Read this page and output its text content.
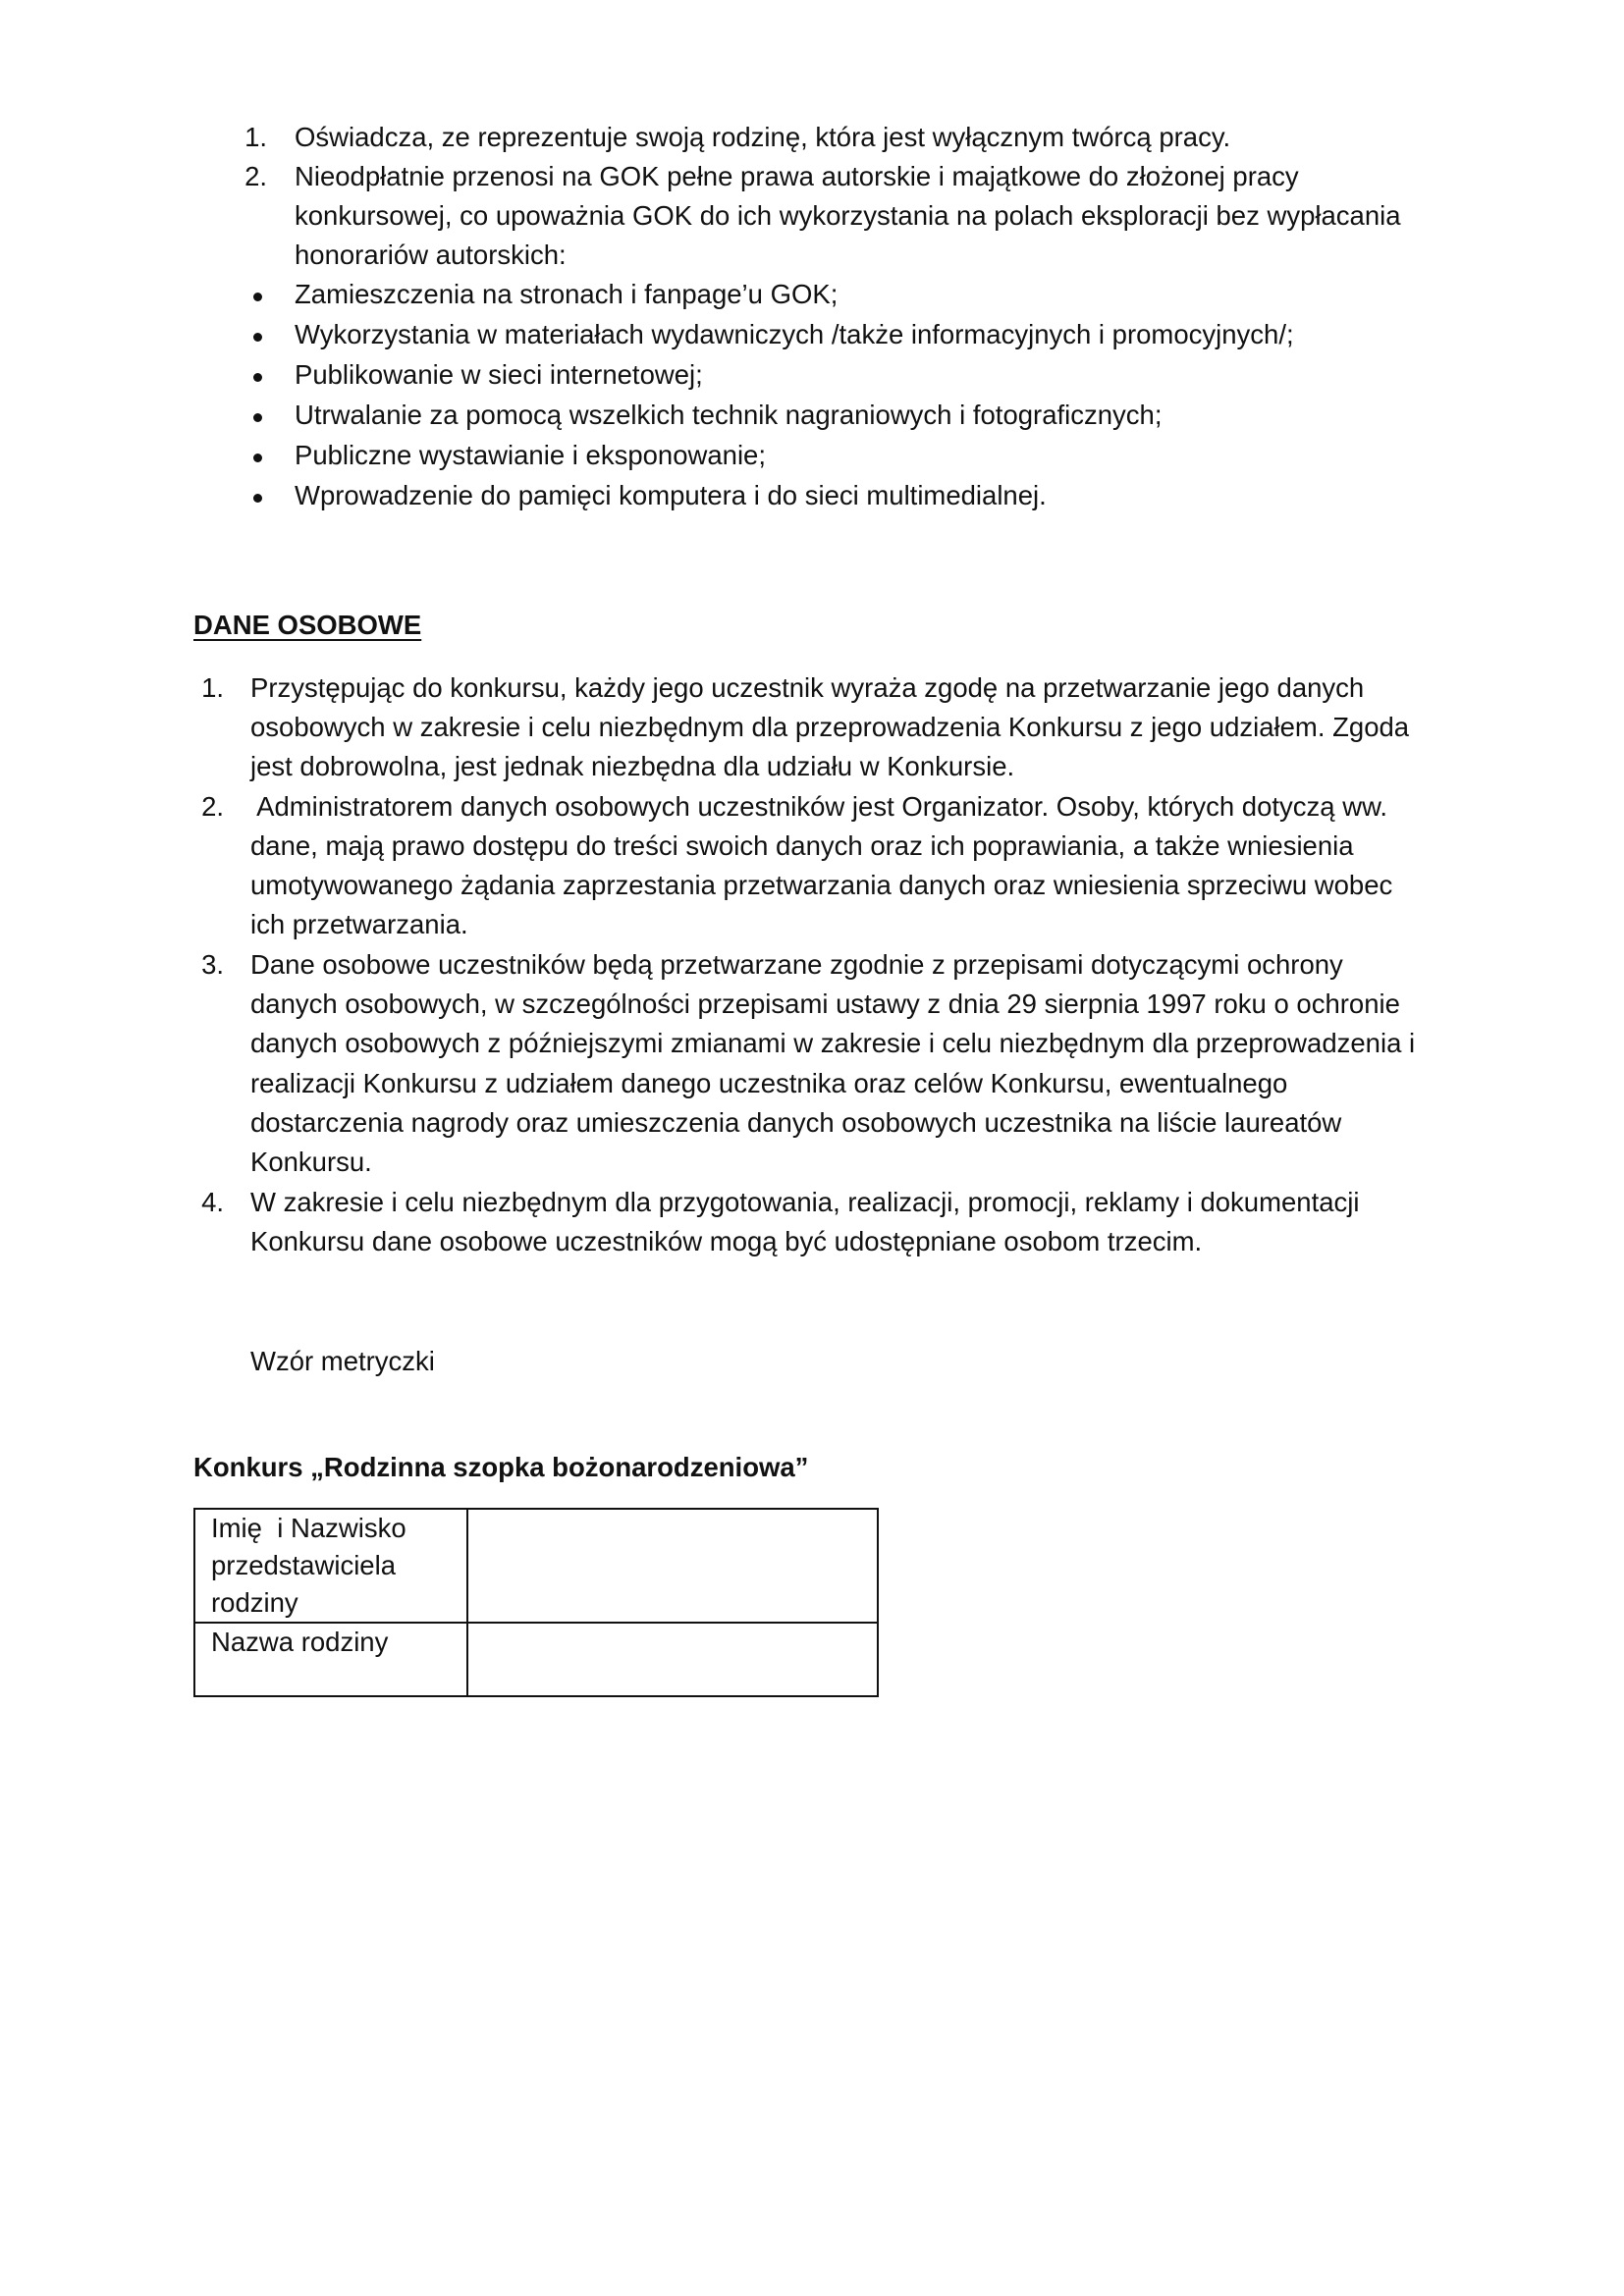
1. Oświadcza, ze reprezentuje swoją rodzinę, która jest wyłącznym twórcą pracy.
2. Nieodpłatnie przenosi na GOK pełne prawa autorskie i majątkowe do złożonej pracy
konkursowej, co upoważnia GOK do ich wykorzystania na polach eksploracji bez wypłacania
honorariów autorskich:
Zamieszczenia na stronach i fanpage’u GOK;
Wykorzystania w materiałach wydawniczych /także informacyjnych i promocyjnych/;
Publikowanie w sieci internetowej;
Utrwalanie za pomocą wszelkich technik nagraniowych i fotograficznych;
Publiczne wystawianie i eksponowanie;
Wprowadzenie do pamięci komputera i do sieci multimedialnej.
DANE OSOBOWE
1. Przystępując do konkursu, każdy jego uczestnik wyraża zgodę na przetwarzanie jego danych
osobowych w zakresie i celu niezbędnym dla przeprowadzenia Konkursu z jego udziałem. Zgoda
jest dobrowolna, jest jednak niezbędna dla udziału w Konkursie.
2. Administratorem danych osobowych uczestników jest Organizator. Osoby, których dotyczą ww.
dane, mają prawo dostępu do treści swoich danych oraz ich poprawiania, a także wniesienia
umotywowanego żądania zaprzestania przetwarzania danych oraz wniesienia sprzeciwu wobec
ich przetwarzania.
3. Dane osobowe uczestników będą przetwarzane zgodnie z przepisami dotyczącymi ochrony
danych osobowych, w szczególności przepisami ustawy z dnia 29 sierpnia 1997 roku o ochronie
danych osobowych z późniejszymi zmianami w zakresie i celu niezbędnym dla przeprowadzenia i
realizacji Konkursu z udziałem danego uczestnika oraz celów Konkursu, ewentualnego
dostarczenia nagrody oraz umieszczenia danych osobowych uczestnika na liście laureatów
Konkursu.
4. W zakresie i celu niezbędnym dla przygotowania, realizacji, promocji, reklamy i dokumentacji
Konkursu dane osobowe uczestników mogą być udostępniane osobom trzecim.
Wzór metryczki
Konkurs „Rodzinna szopka bożonarodzeniowa”
Imię  i Nazwisko
przedstawiciela
rodziny	

Nazwa rodziny	
